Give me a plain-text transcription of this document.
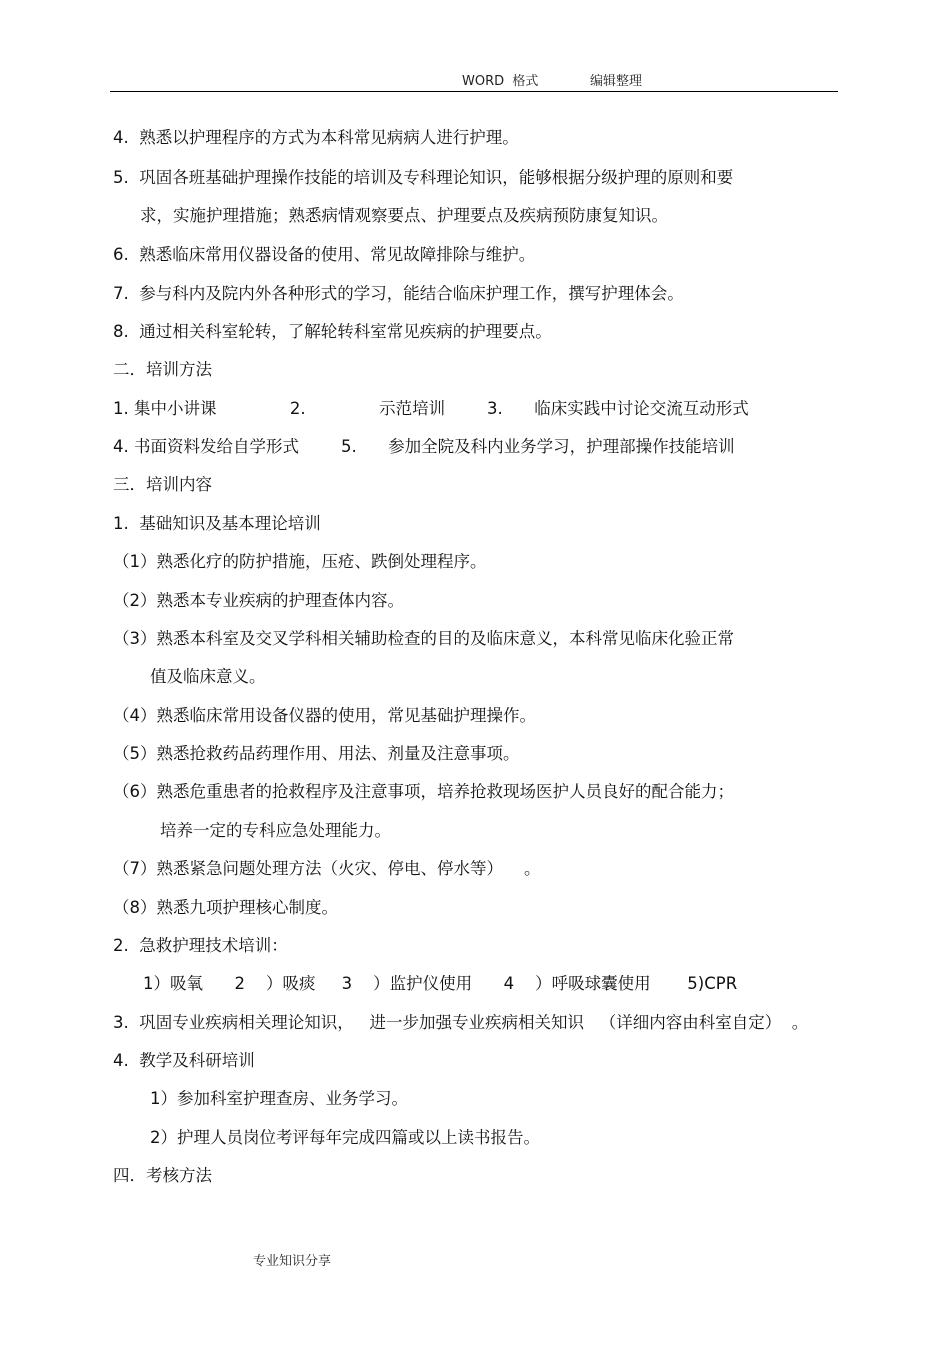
WORD  格式	编辑整理
4.  熟悉以护理程序的方式为本科常见病病人进行护理。
5.  巩固各班基础护理操作技能的培训及专科理论知识，能够根据分级护理的原则和要
求，实施护理措施；熟悉病情观察要点、护理要点及疾病预防康复知识。
6.  熟悉临床常用仪器设备的使用、常见故障排除与维护。
7.  参与科内及院内外各种形式的学习，能结合临床护理工作，撰写护理体会。
8.  通过相关科室轮转，了解轮转科室常见疾病的护理要点。
二．培训方法
1. 集中小讲课              2.              示范培训        3.      临床实践中讨论交流互动形式
4. 书面资料发给自学形式        5.      参加全院及科内业务学习，护理部操作技能培训
三．培训内容
1.  基础知识及基本理论培训
（1）熟悉化疗的防护措施，压疮、跌倒处理程序。
（2）熟悉本专业疾病的护理查体内容。
（3）熟悉本科室及交叉学科相关辅助检查的目的及临床意义，本科常见临床化验正常
值及临床意义。
（4）熟悉临床常用设备仪器的使用，常见基础护理操作。
（5）熟悉抢救药品药理作用、用法、剂量及注意事项。
（6）熟悉危重患者的抢救程序及注意事项，培养抢救现场医护人员良好的配合能力；
培养一定的专科应急处理能力。
（7）熟悉紧急问题处理方法（火灾、停电、停水等）    。
（8）熟悉九项护理核心制度。
2.  急救护理技术培训：
1）吸氧      2    ）吸痰     3    ）监护仪使用      4    ）呼吸球囊使用       5)CPR
3.  巩固专业疾病相关理论知识，   进一步加强专业疾病相关知识   （详细内容由科室自定）  。
4.  教学及科研培训
1）参加科室护理查房、业务学习。
2）护理人员岗位考评每年完成四篇或以上读书报告。
四．考核方法
专业知识分享
